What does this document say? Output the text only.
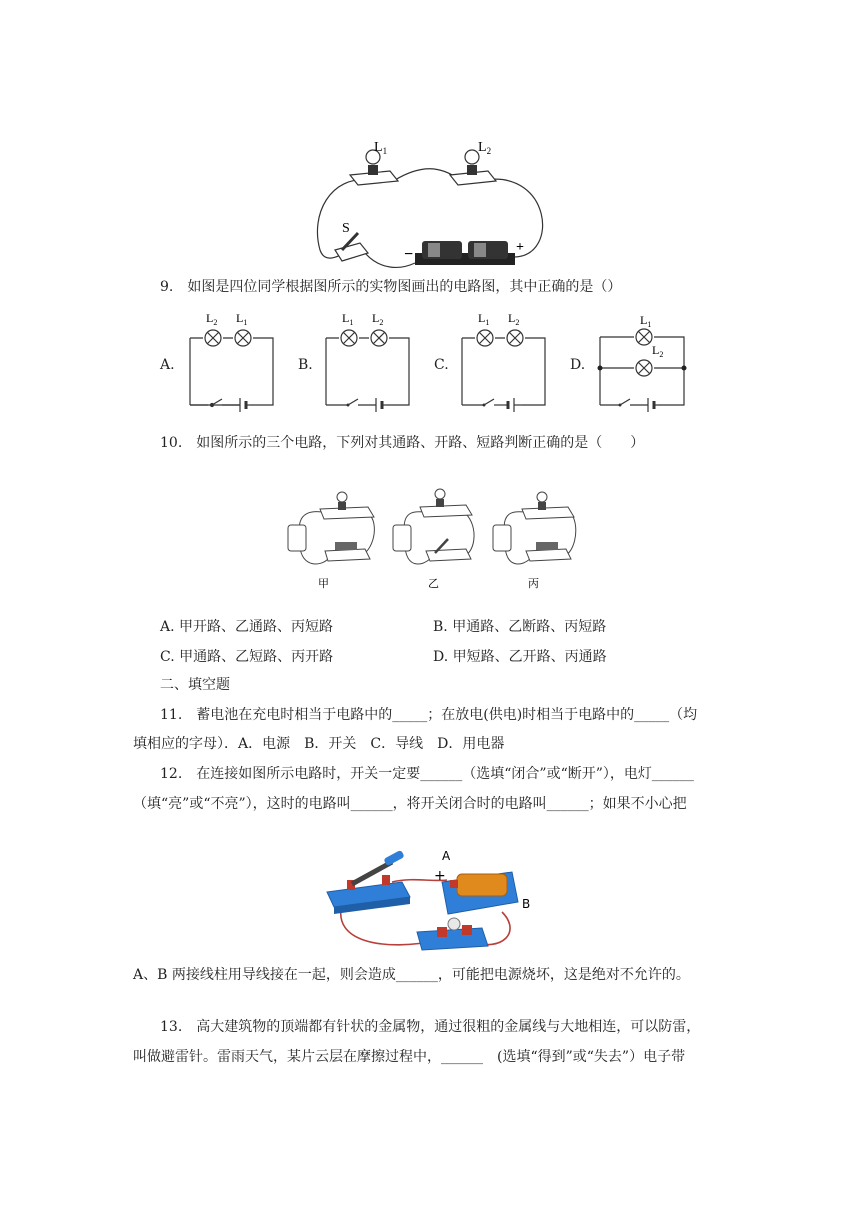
$L_1$	$L_2$
S
−	+
9.　如图是四位同学根据图所示的实物图画出的电路图，其中正确的是（）
A.	B.	C.	D.
$L_2$ $L_1$	$L_1$ $L_2$	$L_1$ $L_2$	$L_1$
$L_2$
10.　如图所示的三个电路，下列对其通路、开路、短路判断正确的是（　　）
甲	乙	丙
A. 甲开路、乙通路、丙短路	B. 甲通路、乙断路、丙短路
C. 甲通路、乙短路、丙开路	D. 甲短路、乙开路、丙通路
二、填空题
11.　蓄电池在充电时相当于电路中的_____；在放电(供电)时相当于电路中的_____（均
填相应的字母）．A．电源　B．开关　C．导线　D．用电器
12.　在连接如图所示电路时，开关一定要______（选填“闭合”或“断开”），电灯______
（填“亮”或“不亮”），这时的电路叫______，将开关闭合时的电路叫______；如果不小心把
A
+
B
A、B 两接线柱用导线接在一起，则会造成______，可能把电源烧坏，这是绝对不允许的。
13.　高大建筑物的顶端都有针状的金属物，通过很粗的金属线与大地相连，可以防雷，
叫做避雷针。雷雨天气，某片云层在摩擦过程中，______　(选填“得到”或“失去”）电子带
